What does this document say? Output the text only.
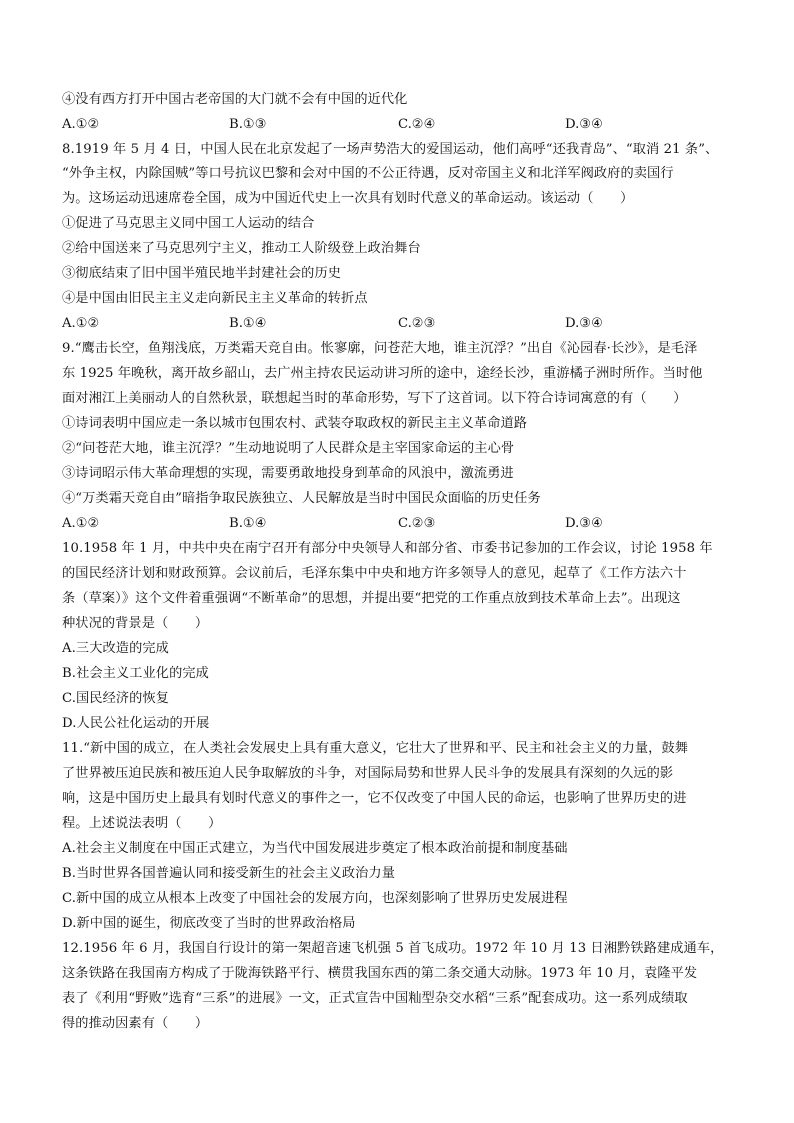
④没有西方打开中国古老帝国的大门就不会有中国的近代化
A.①②	B.①③	C.②④	D.③④
8.1919 年 5 月 4 日，中国人民在北京发起了一场声势浩大的爱国运动，他们高呼“还我青岛”、“取消 21 条”、
“外争主权，内除国贼”等口号抗议巴黎和会对中国的不公正待遇，反对帝国主义和北洋军阀政府的卖国行
为。这场运动迅速席卷全国，成为中国近代史上一次具有划时代意义的革命运动。该运动（　　）
①促进了马克思主义同中国工人运动的结合
②给中国送来了马克思列宁主义，推动工人阶级登上政治舞台
③彻底结束了旧中国半殖民地半封建社会的历史
④是中国由旧民主主义走向新民主主义革命的转折点
A.①②	B.①④	C.②③	D.③④
9.“鹰击长空，鱼翔浅底，万类霜天竞自由。怅寥廓，问苍茫大地，谁主沉浮？”出自《沁园春·长沙》，是毛泽
东 1925 年晚秋，离开故乡韶山，去广州主持农民运动讲习所的途中，途经长沙，重游橘子洲时所作。当时他
面对湘江上美丽动人的自然秋景，联想起当时的革命形势，写下了这首词。以下符合诗词寓意的有（　　）
①诗词表明中国应走一条以城市包围农村、武装夺取政权的新民主主义革命道路
②“问苍茫大地，谁主沉浮？”生动地说明了人民群众是主宰国家命运的主心骨
③诗词昭示伟大革命理想的实现，需要勇敢地投身到革命的风浪中，激流勇进
④“万类霜天竞自由”暗指争取民族独立、人民解放是当时中国民众面临的历史任务
A.①②	B.①④	C.②③	D.③④
10.1958 年 1 月，中共中央在南宁召开有部分中央领导人和部分省、市委书记参加的工作会议，讨论 1958 年
的国民经济计划和财政预算。会议前后，毛泽东集中中央和地方许多领导人的意见，起草了《工作方法六十
条（草案）》这个文件着重强调“不断革命”的思想，并提出要“把党的工作重点放到技术革命上去”。出现这
种状况的背景是（　　）
A.三大改造的完成
B.社会主义工业化的完成
C.国民经济的恢复
D.人民公社化运动的开展
11.“新中国的成立，在人类社会发展史上具有重大意义，它壮大了世界和平、民主和社会主义的力量，鼓舞
了世界被压迫民族和被压迫人民争取解放的斗争，对国际局势和世界人民斗争的发展具有深刻的久远的影
响，这是中国历史上最具有划时代意义的事件之一，它不仅改变了中国人民的命运，也影响了世界历史的进
程。上述说法表明（　　）
A.社会主义制度在中国正式建立，为当代中国发展进步奠定了根本政治前提和制度基础
B.当时世界各国普遍认同和接受新生的社会主义政治力量
C.新中国的成立从根本上改变了中国社会的发展方向，也深刻影响了世界历史发展进程
D.新中国的诞生，彻底改变了当时的世界政治格局
12.1956 年 6 月，我国自行设计的第一架超音速飞机强 5 首飞成功。1972 年 10 月 13 日湘黔铁路建成通车，
这条铁路在我国南方构成了于陇海铁路平行、横贯我国东西的第二条交通大动脉。1973 年 10 月，袁隆平发
表了《利用“野败”选育“三系”的进展》一文，正式宣告中国籼型杂交水稻“三系”配套成功。这一系列成绩取
得的推动因素有（　　）
